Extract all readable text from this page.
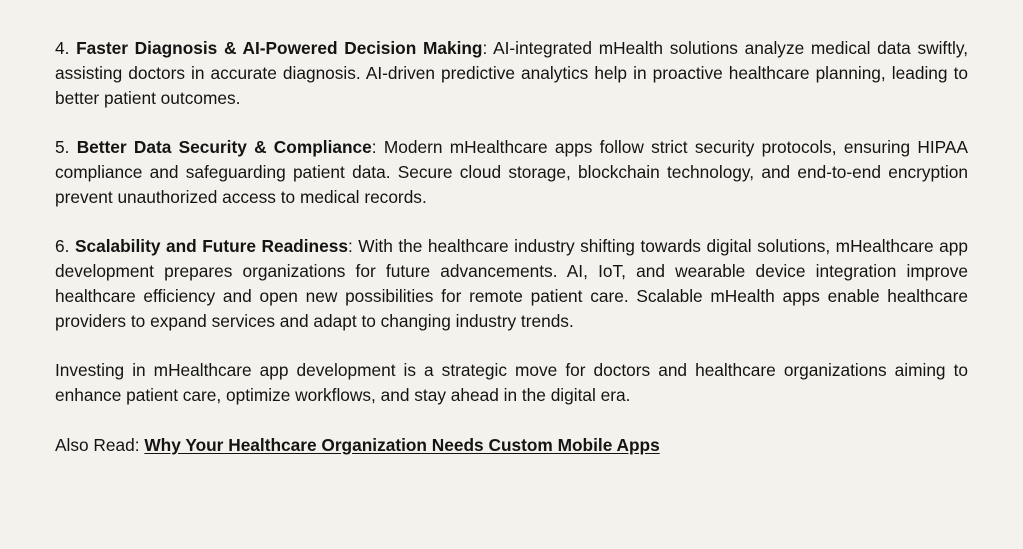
4. Faster Diagnosis & AI-Powered Decision Making: AI-integrated mHealth solutions analyze medical data swiftly, assisting doctors in accurate diagnosis. AI-driven predictive analytics help in proactive healthcare planning, leading to better patient outcomes.

5. Better Data Security & Compliance: Modern mHealthcare apps follow strict security protocols, ensuring HIPAA compliance and safeguarding patient data. Secure cloud storage, blockchain technology, and end-to-end encryption prevent unauthorized access to medical records.

6. Scalability and Future Readiness: With the healthcare industry shifting towards digital solutions, mHealthcare app development prepares organizations for future advancements. AI, IoT, and wearable device integration improve healthcare efficiency and open new possibilities for remote patient care. Scalable mHealth apps enable healthcare providers to expand services and adapt to changing industry trends.

Investing in mHealthcare app development is a strategic move for doctors and healthcare organizations aiming to enhance patient care, optimize workflows, and stay ahead in the digital era.

Also Read: Why Your Healthcare Organization Needs Custom Mobile Apps
